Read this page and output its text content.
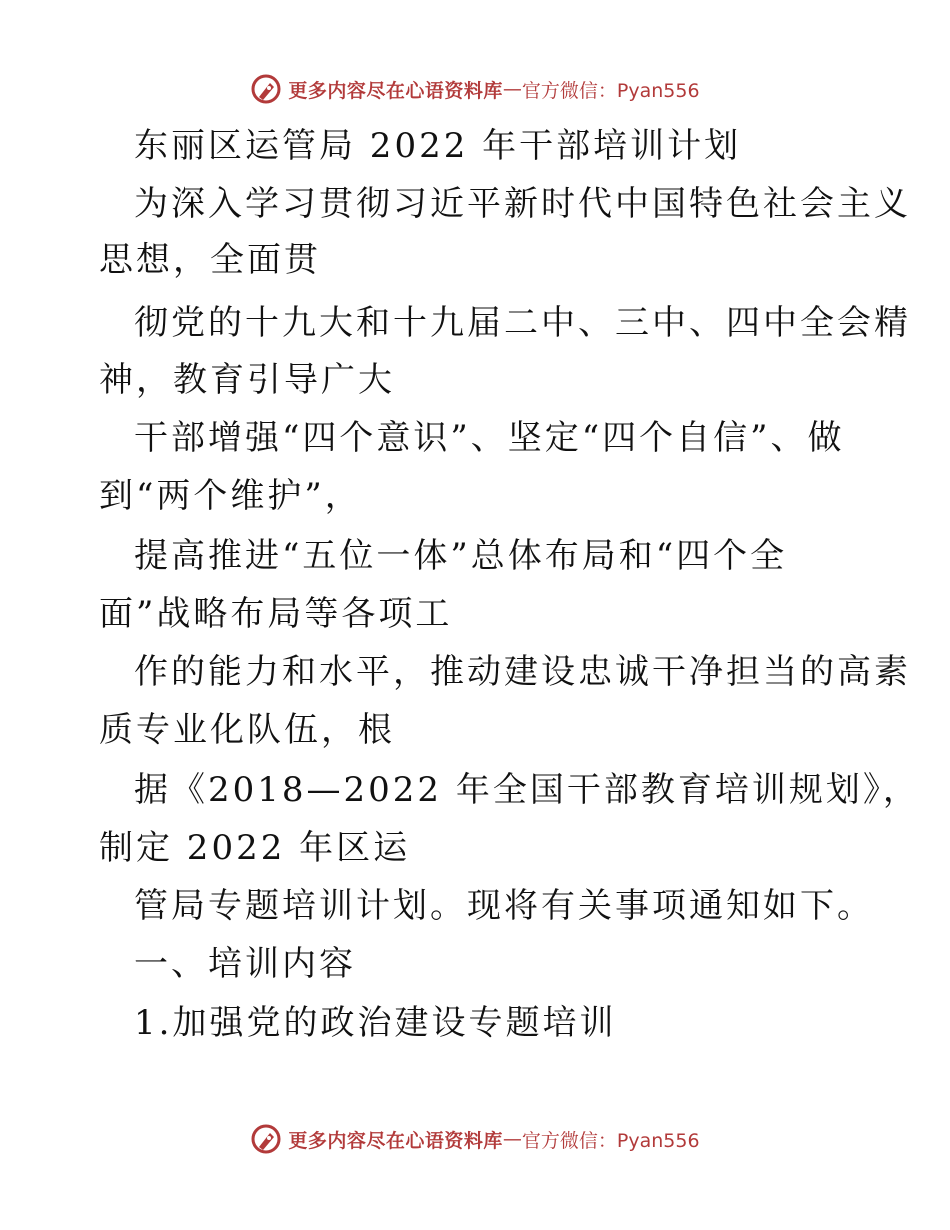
更多内容尽在心语资料库 — 官方微信：Pyan556
东丽区运管局 2022 年干部培训计划
为深入学习贯彻习近平新时代中国特色社会主义
思想，全面贯
彻党的十九大和十九届二中、三中、四中全会精
神，教育引导广大
干部增强“四个意识”、坚定“四个自信”、做
到“两个维护”，
提高推进“五位一体”总体布局和“四个全
面”战略布局等各项工
作的能力和水平，推动建设忠诚干净担当的高素
质专业化队伍，根
据《2018—2022 年全国干部教育培训规划》，
制定 2022 年区运
管局专题培训计划。现将有关事项通知如下。
一、培训内容
1.加强党的政治建设专题培训
更多内容尽在心语资料库 — 官方微信：Pyan556
